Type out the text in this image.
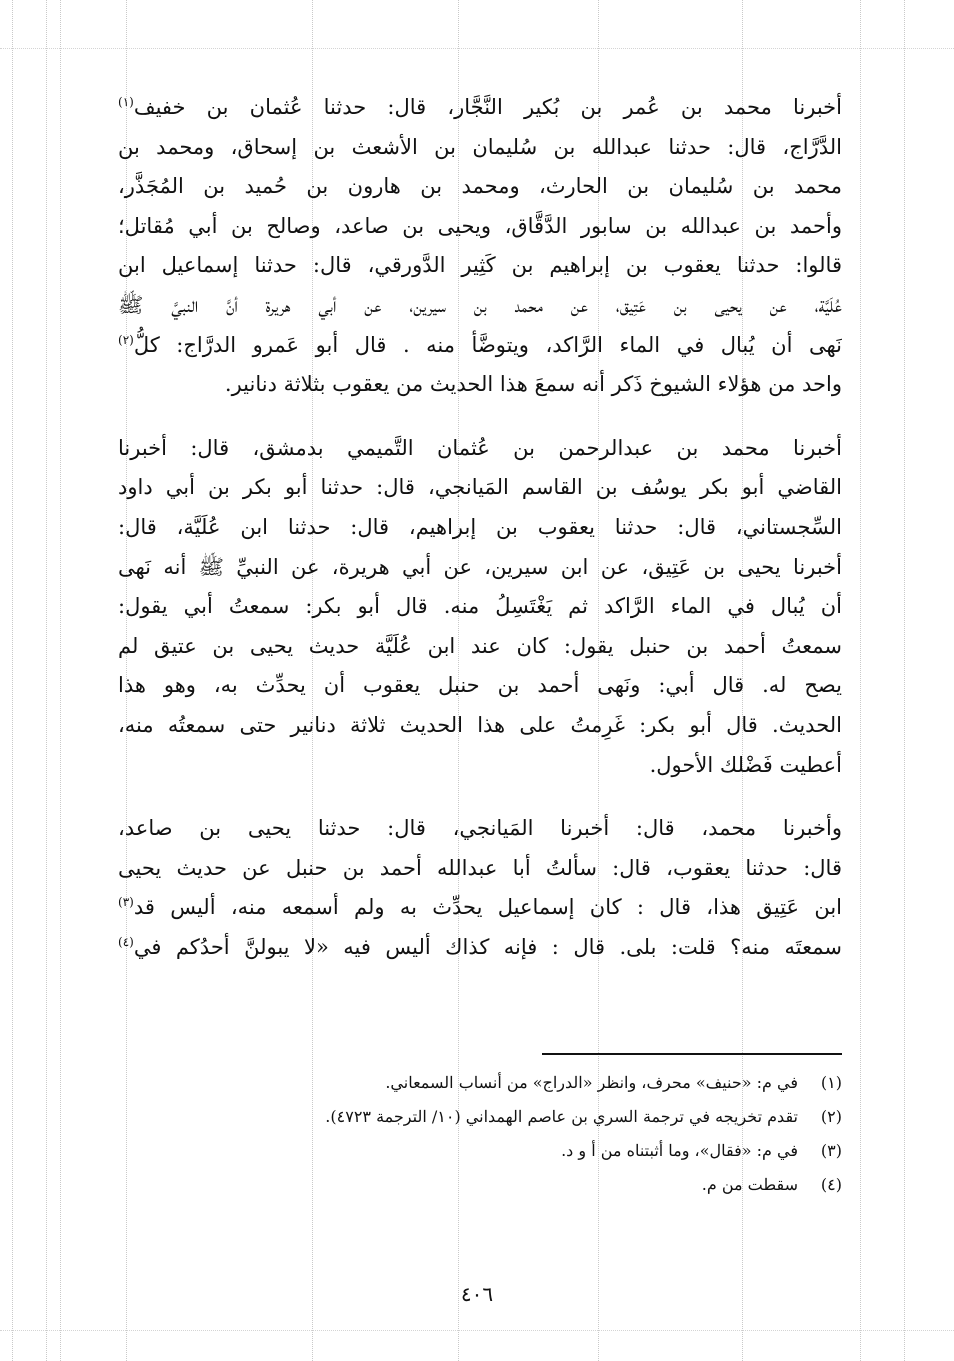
أخبرنا محمد بن عُمر بن بُكير النَّجَّار، قال: حدثنا عُثمان بن خفيف$^{(١)}$
الدَّرَّاج، قال: حدثنا عبدالله بن سُليمان بن الأشعث بن إسحاق، ومحمد بن
محمد بن سُليمان بن الحارث، ومحمد بن هارون بن حُميد بن المُجَذَّر،
وأحمد بن عبدالله بن سابور الدَّقَّاق، ويحيى بن صاعد، وصالح بن أبي مُقاتل؛
قالوا: حدثنا يعقوب بن إبراهيم بن كَثِير الدَّورقي، قال: حدثنا إسماعيل ابن
عُلَيَّة، عن يحيى بن عَتِيق، عن محمد بن سيرين، عن أبي هريرة أنَّ النبيَّ ﷺ
نَهى أن يُبال في الماء الرَّاكد، ويتوضَّأ منه . قال أبو عَمرو الدرَّاج: كلُّ$^{(٢)}$
واحد من هؤلاء الشيوخ ذَكر أنه سمعَ هذا الحديث من يعقوب بثلاثة دنانير.

أخبرنا محمد بن عبدالرحمن بن عُثمان التَّميمي بدمشق، قال: أخبرنا
القاضي أبو بكر يوسُف بن القاسم المَيانجي، قال: حدثنا أبو بكر بن أبي داود
السِّجستاني، قال: حدثنا يعقوب بن إبراهيم، قال: حدثنا ابن عُلَيَّة، قال:
أخبرنا يحيى بن عَتِيق، عن ابن سيرين، عن أبي هريرة، عن النبيِّ ﷺ أنه نَهى
أن يُبال في الماء الرَّاكد ثم يَغْتَسِلُ منه. قال أبو بكر: سمعتُ أبي يقول:
سمعتُ أحمد بن حنبل يقول: كان عند ابن عُلَيَّة حديث يحيى بن عتيق لم
يصح له. قال أبي: ونَهى أحمد بن حنبل يعقوب أن يحدِّث به، وهو هذا
الحديث. قال أبو بكر: غَرِمتُ على هذا الحديث ثلاثة دنانير حتى سمعتُه منه،
أعطيت فَضْلك الأحول.

وأخبرنا محمد، قال: أخبرنا المَيانجي، قال: حدثنا يحيى بن صاعد،
قال: حدثنا يعقوب، قال: سألتُ أبا عبدالله أحمد بن حنبل عن حديث يحيى
ابن عَتِيق هذا، قال : كان إسماعيل يحدِّث به ولم أسمعه منه، أليس قد$^{(٣)}$
سمعتَه منه؟ قلت: بلى. قال : فإنه كذاك أليس فيه «لا يبولنَّ أحدُكم في$^{(٤)}$

(١)
في م: «حنيف» محرف، وانظر «الدراج» من أنساب السمعاني.
(٢)
تقدم تخريجه في ترجمة السري بن عاصم الهمداني (١٠/ الترجمة ٤٧٢٣).
(٣)
في م: «فقال»، وما أثبتناه من أ و د.
(٤)
سقطت من م.
٤٠٦
